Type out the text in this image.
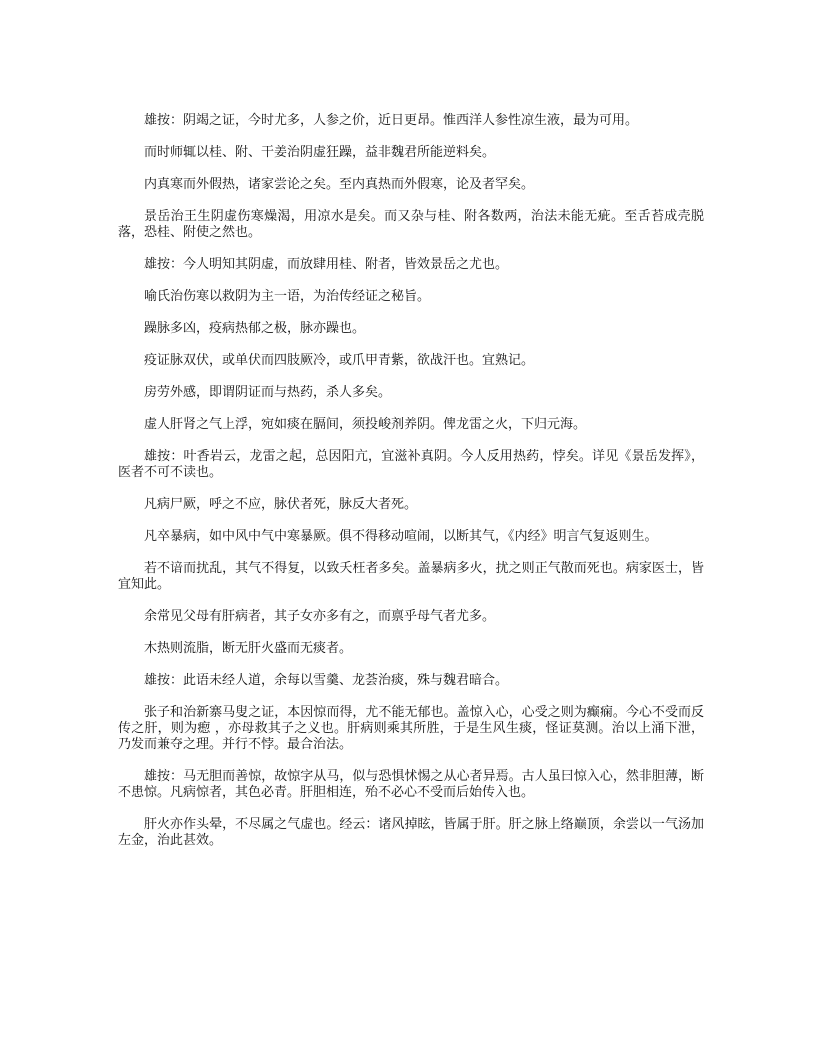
雄按：阴竭之证，今时尤多，人参之价，近日更昂。惟西洋人参性凉生液，最为可用。

而时师辄以桂、附、干姜治阴虚狂躁，益非魏君所能逆料矣。

内真寒而外假热，诸家尝论之矣。至内真热而外假寒，论及者罕矣。

景岳治王生阴虚伤寒燥渴，用凉水是矣。而又杂与桂、附各数两，治法未能无疵。至舌苔成壳脱落，恐桂、附使之然也。

雄按：今人明知其阴虚，而放肆用桂、附者，皆效景岳之尤也。

喻氏治伤寒以救阴为主一语，为治传经证之秘旨。

躁脉多凶，疫病热郁之极，脉亦躁也。

疫证脉双伏，或单伏而四肢厥冷，或爪甲青紫，欲战汗也。宜熟记。

房劳外感，即谓阴证而与热药，杀人多矣。

虚人肝肾之气上浮，宛如痰在膈间，须投峻剂养阴。俾龙雷之火，下归元海。

雄按：叶香岩云，龙雷之起，总因阳亢，宜滋补真阴。今人反用热药，悖矣。详见《景岳发挥》，医者不可不读也。

凡病尸厥，呼之不应，脉伏者死，脉反大者死。

凡卒暴病，如中风中气中寒暴厥。俱不得移动喧闹，以断其气，《内经》明言气复返则生。

若不谙而扰乱，其气不得复，以致夭枉者多矣。盖暴病多火，扰之则正气散而死也。病家医士，皆宜知此。

余常见父母有肝病者，其子女亦多有之，而禀乎母气者尤多。

木热则流脂，断无肝火盛而无痰者。

雄按：此语未经人道，余每以雪羹、龙荟治痰，殊与魏君暗合。

张子和治新寨马叟之证，本因惊而得，尤不能无郁也。盖惊入心，心受之则为癫痫。今心不受而反传之肝，则为瘛 ，亦母救其子之义也。肝病则乘其所胜，于是生风生痰，怪证莫测。治以上涌下泄，乃发而兼夺之理。并行不悖。最合治法。

雄按：马无胆而善惊，故惊字从马，似与恐惧怵惕之从心者异焉。古人虽曰惊入心，然非胆薄，断不患惊。凡病惊者，其色必青。肝胆相连，殆不必心不受而后始传入也。

肝火亦作头晕，不尽属之气虚也。经云：诸风掉眩，皆属于肝。肝之脉上络巅顶，余尝以一气汤加左金，治此甚效。
